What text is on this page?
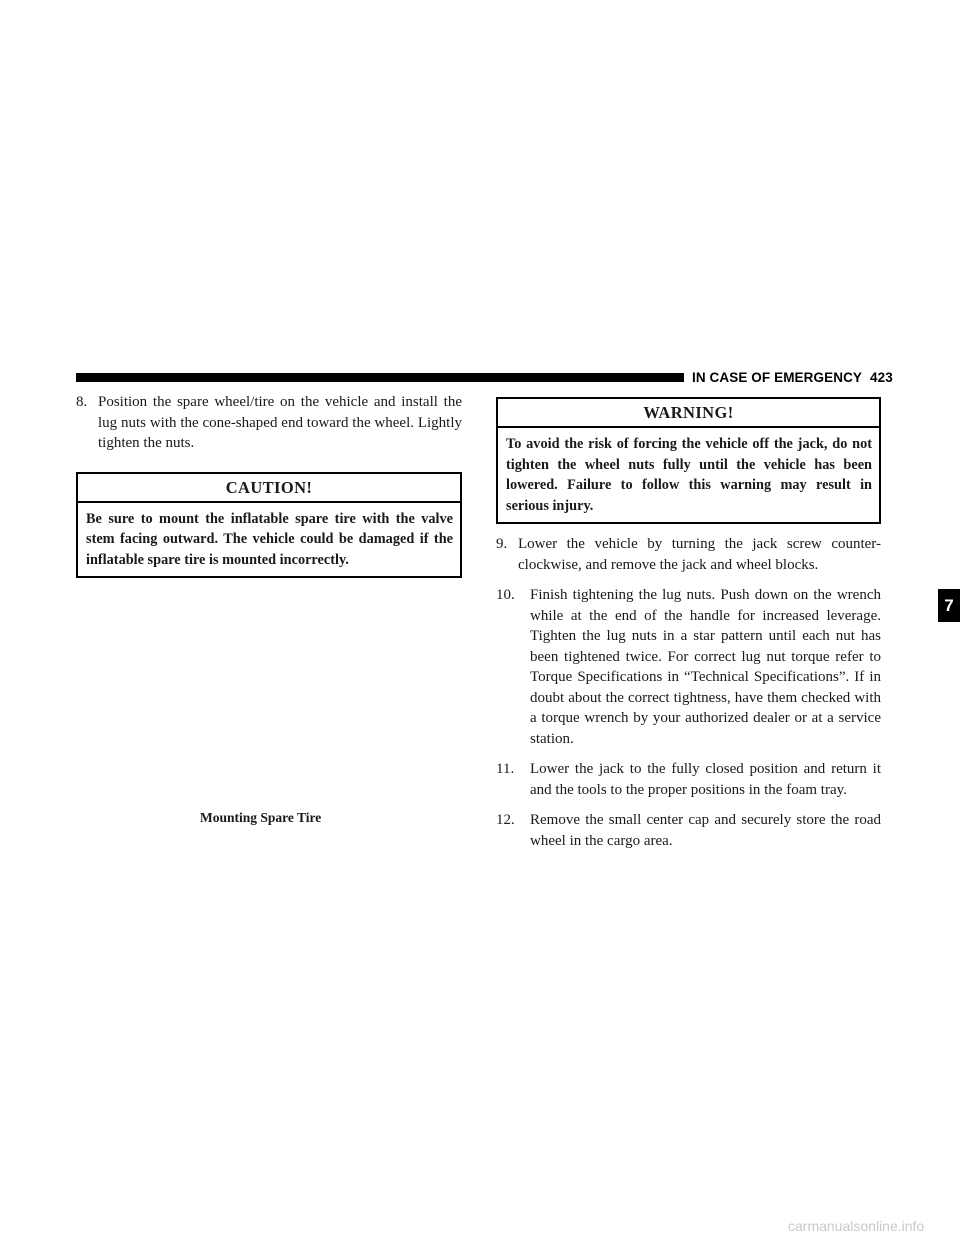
IN CASE OF EMERGENCY 423
7

8. Position the spare wheel/tire on the vehicle and install the lug nuts with the cone-shaped end toward the wheel. Lightly tighten the nuts.

CAUTION!
Be sure to mount the inflatable spare tire with the valve stem facing outward. The vehicle could be damaged if the inflatable spare tire is mounted incorrectly.
Mounting Spare Tire
WARNING!
To avoid the risk of forcing the vehicle off the jack, do not tighten the wheel nuts fully until the vehicle has been lowered. Failure to follow this warning may result in serious injury.

9. Lower the vehicle by turning the jack screw counter-clockwise, and remove the jack and wheel blocks.

10. Finish tightening the lug nuts. Push down on the wrench while at the end of the handle for increased leverage. Tighten the lug nuts in a star pattern until each nut has been tightened twice. For correct lug nut torque refer to Torque Specifications in “Technical Specifications”. If in doubt about the correct tightness, have them checked with a torque wrench by your authorized dealer or at a service station.

11. Lower the jack to the fully closed position and return it and the tools to the proper positions in the foam tray.

12. Remove the small center cap and securely store the road wheel in the cargo area.

carmanualsonline.info
